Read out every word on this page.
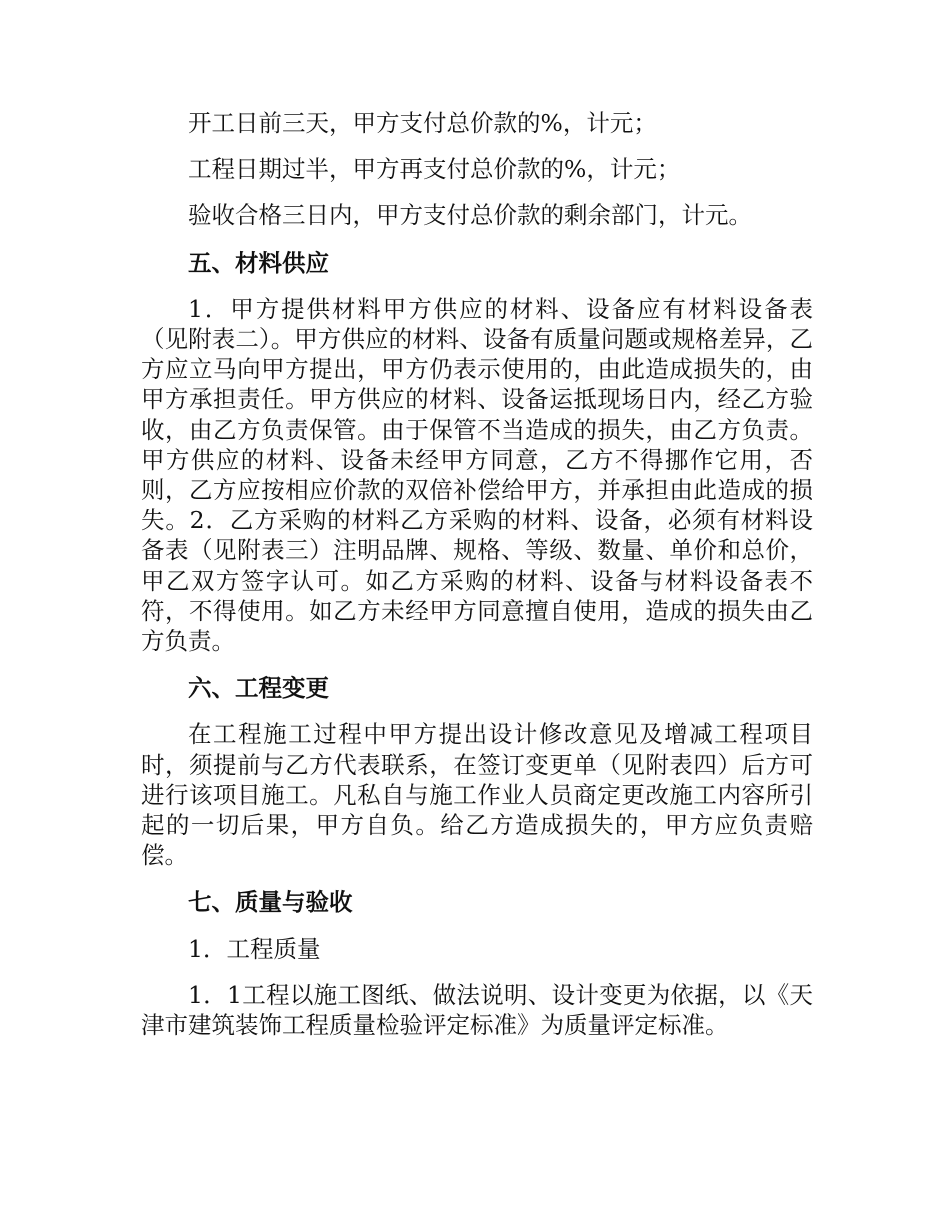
开工日前三天，甲方支付总价款的%，计元；

工程日期过半，甲方再支付总价款的%，计元；

验收合格三日内，甲方支付总价款的剩余部门，计元。

五、材料供应

1．甲方提供材料甲方供应的材料、设备应有材料设备表（见附表二）。甲方供应的材料、设备有质量问题或规格差异，乙方应立马向甲方提出，甲方仍表示使用的，由此造成损失的，由甲方承担责任。甲方供应的材料、设备运抵现场日内，经乙方验收，由乙方负责保管。由于保管不当造成的损失，由乙方负责。甲方供应的材料、设备未经甲方同意，乙方不得挪作它用，否则，乙方应按相应价款的双倍补偿给甲方，并承担由此造成的损失。2．乙方采购的材料乙方采购的材料、设备，必须有材料设备表（见附表三）注明品牌、规格、等级、数量、单价和总价，甲乙双方签字认可。如乙方采购的材料、设备与材料设备表不符，不得使用。如乙方未经甲方同意擅自使用，造成的损失由乙方负责。

六、工程变更

在工程施工过程中甲方提出设计修改意见及增减工程项目时，须提前与乙方代表联系，在签订变更单（见附表四）后方可进行该项目施工。凡私自与施工作业人员商定更改施工内容所引起的一切后果，甲方自负。给乙方造成损失的，甲方应负责赔偿。

七、质量与验收

1．工程质量

1．1工程以施工图纸、做法说明、设计变更为依据，以《天津市建筑装饰工程质量检验评定标准》为质量评定标准。
